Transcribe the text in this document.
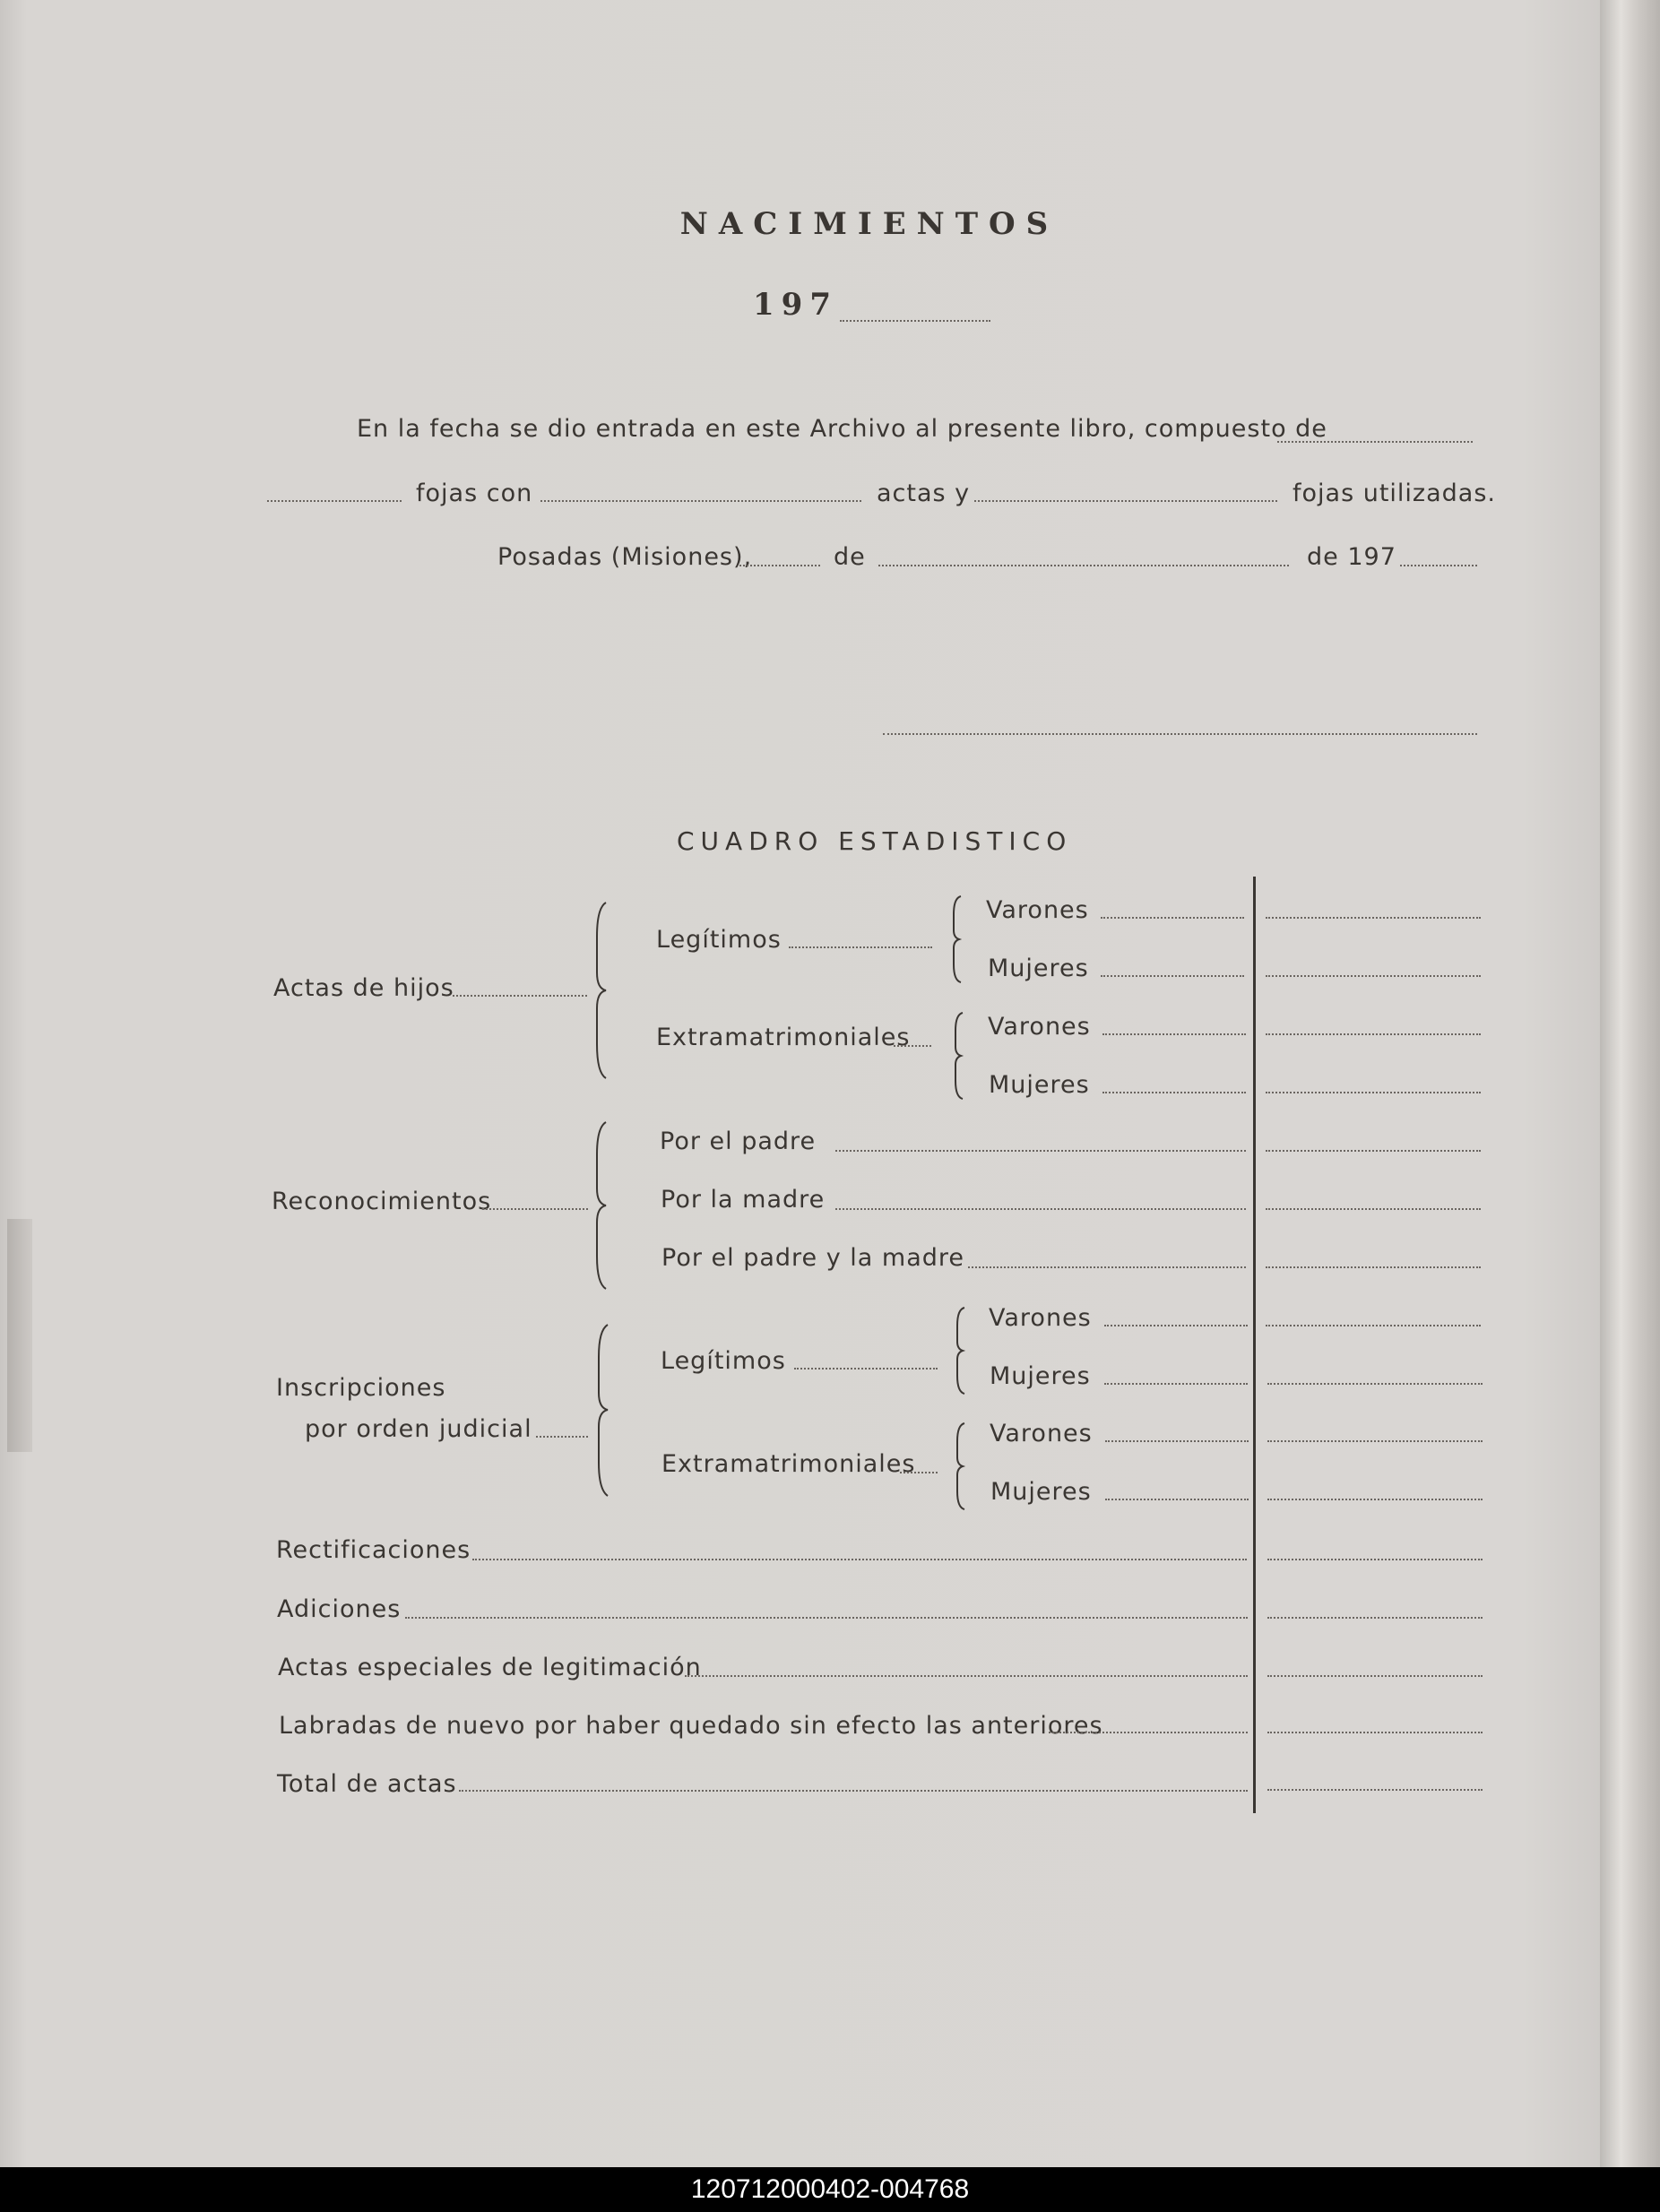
NACIMIENTOS
197
En la fecha se dio entrada en este Archivo al presente libro, compuesto de
fojas con	actas y	fojas utilizadas.
Posadas (Misiones),	de	de 197
CUADRO ESTADISTICO
Actas de hijos
Legítimos
Varones
Mujeres
Extramatrimoniales	Varones
Mujeres
Reconocimientos
Por el padre
Por la madre
Por el padre y la madre
Inscripciones
por orden judicial
Legítimos
Varones
Mujeres
Extramatrimoniales
Varones
Mujeres
Rectificaciones
Adiciones
Actas especiales de legitimación
Labradas de nuevo por haber quedado sin efecto las anteriores
Total de actas
120712000402-004768
